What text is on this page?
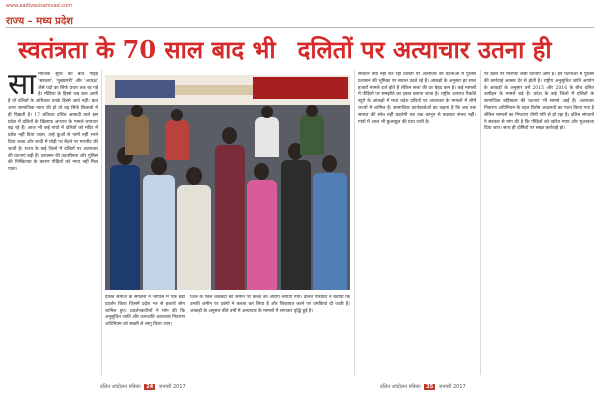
www.aadivasisamvad.com
राज्य – मध्य प्रदेश
स्वतंत्रता के 70 साल बाद भी दलितों पर अत्याचार उतना ही
सामाजिक सुधि की बातें गाइडें 'सरकार', 'मुख्यमंत्री' और 'अध्यक्ष' जैसे पदों का सिर्फ प्रचार तक रह गई है। मीडिया के हिस्से जब बात आती है तो दलितों के अधिकार उनके हिस्से आते नहीं। बात अगर सामाजिक न्याय की हो तो वह सिर्फ किताबों में ही दिखती है। 17 प्रतिशत दलित आबादी वाले इस प्रदेश में दलितों के खिलाफ अपराध के मामले लगातार बढ़ रहे हैं। आज भी कई गांवों में दलितों को मंदिर में प्रवेश नहीं दिया जाता, उन्हें कुओं से पानी नहीं भरने दिया जाता और शादी में घोड़ी पर बैठने पर मारपीट की जाती है। राज्य के कई जिलों में दलितों पर अत्याचार की घटनाएं बढ़ी हैं। प्रशासन की उदासीनता और पुलिस की निष्क्रियता के कारण पीड़ितों को न्याय नहीं मिल पाता।
दलित समाज के संगठनों ने भोपाल में एक बड़ा प्रदर्शन किया जिसमें प्रदेश भर से हजारों लोग शामिल हुए। प्रदर्शनकारियों ने मांग की कि अनुसूचित जाति और जनजाति अत्याचार निवारण अधिनियम को सख्ती से लागू किया जाए।
जिले के जिले चकबंदी की जमीन पर कब्जे का आरोप लगाया गया। दलित परिवारों ने बताया कि उनकी जमीन पर दबंगों ने कब्जा कर लिया है और शिकायत करने पर धमकियां दी जाती हैं। आंकड़ों के अनुसार बीते वर्षों में अत्याचार के मामलों में लगातार वृद्धि हुई है।
सरकार क्या नहीं कर रही दलितों पर अत्याचार की घटनाओं में पुलिस प्रशासन की भूमिका पर सवाल उठते रहे हैं। आंकड़ों के अनुसार हर साल हजारों मामले दर्ज होते हैं लेकिन सजा की दर बेहद कम है। कई मामलों में पीड़ितों पर समझौते का दबाव बनाया जाता है। राष्ट्रीय अपराध रिकॉर्ड ब्यूरो के आंकड़ों में मध्य प्रदेश दलितों पर अत्याचार के मामलों में शीर्ष राज्यों में शामिल है। सामाजिक कार्यकर्ताओं का कहना है कि जब तक समाज की सोच नहीं बदलेगी तब तक कानून से बदलाव संभव नहीं। गांवों में आज भी छुआछूत की प्रथा जारी है।
पर बैठने पर मारपीट जैसी घटनाएं आम हैं। इन घटनाओं में पुलिस की कार्रवाई अक्सर देर से होती है। राष्ट्रीय अनुसूचित जाति आयोग के आंकड़ों के अनुसार वर्ष 2015 और 2016 के बीच दलित उत्पीड़न के मामले बढ़े हैं। प्रदेश के कई जिलों में दलितों के सामाजिक बहिष्कार की घटनाएं भी सामने आई हैं। अत्याचार निवारण अधिनियम के तहत विशेष अदालतों का गठन किया गया है लेकिन मामलों का निपटारा धीमी गति से हो रहा है। दलित संगठनों ने सरकार से मांग की है कि पीड़ितों को त्वरित न्याय और मुआवजा दिया जाए। साथ ही दोषियों पर सख्त कार्रवाई हो।
दलित आंदोलन पत्रिका 24 जनवरी 2017	दलित आंदोलन पत्रिका 25 जनवरी 2017
